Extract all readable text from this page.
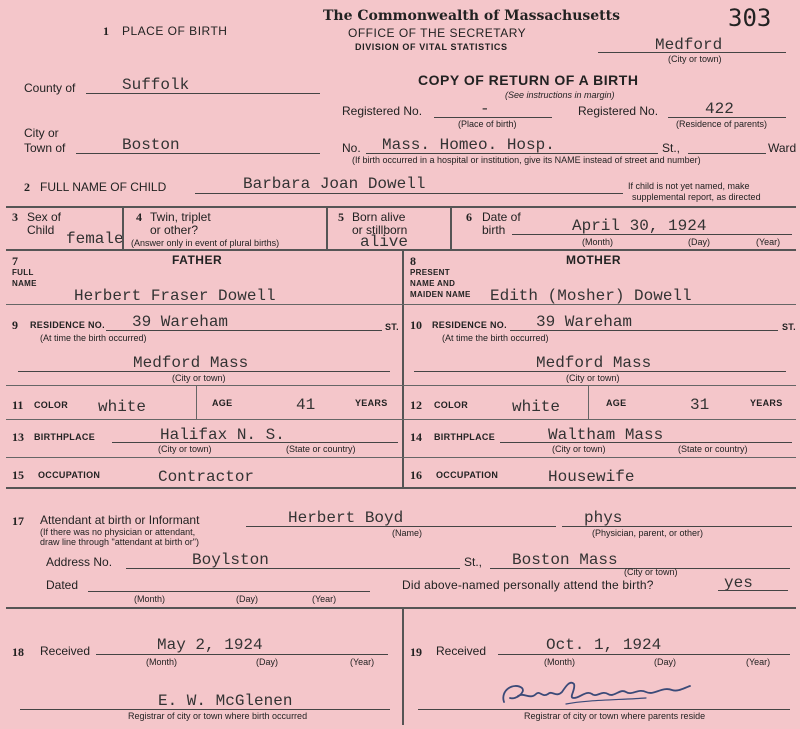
1 PLACE OF BIRTH
The Commonwealth of Massachusetts
OFFICE OF THE SECRETARY
DIVISION OF VITAL STATISTICS
303
Medford
(City or town)
County of	Suffolk	COPY OF RETURN OF A BIRTH
(See instructions in margin)
Registered No.	-
(Place of birth)
Registered No.	422
(Residence of parents)
City or
Town of	Boston	No. Mass. Homeo. Hosp.	St.,	Ward
(If birth occurred in a hospital or institution, give its NAME instead of street and number)
2 FULL NAME OF CHILD	Barbara Joan Dowell	If child is not yet named, make
supplemental report, as directed
3 Sex of
Child female
4 Twin, triplet
or other?
(Answer only in event of plural births)
5 Born alive
or stillborn
alive
6 Date of
birth	April 30, 1924
(Month)	(Day)	(Year)
7	FATHER
FULL
NAME
Herbert Fraser Dowell
9 RESIDENCE NO. 39 Wareham	ST.
(At time the birth occurred)
Medford Mass
(City or town)
11 COLOR white	AGE	41	YEARS
13 BIRTHPLACE	Halifax N. S.
(City or town)	(State or country)
15 OCCUPATION	Contractor
8	MOTHER
PRESENT
NAME AND
MAIDEN NAME Edith (Mosher) Dowell
10 RESIDENCE NO. 39 Wareham	ST.
(At time the birth occurred)
Medford Mass
(City or town)
12 COLOR	white	AGE	31	YEARS
14 BIRTHPLACE	Waltham Mass
(City or town)	(State or country)
16 OCCUPATION	Housewife
17 Attendant at birth or Informant
(If there was no physician or attendant,
draw line through "attendant at birth or")
Herbert Boyd
(Name)
phys
(Physician, parent, or other)
Address No.	Boylston	St., Boston Mass
(City or town)
Dated
(Month)	(Day)	(Year)
Did above-named personally attend the birth?	yes
18 Received	May 2, 1924
(Month)	(Day)	(Year)
E. W. McGlenen
Registrar of city or town where birth occurred
19 Received	Oct. 1, 1924
(Month)	(Day)	(Year)
Registrar of city or town where parents reside
